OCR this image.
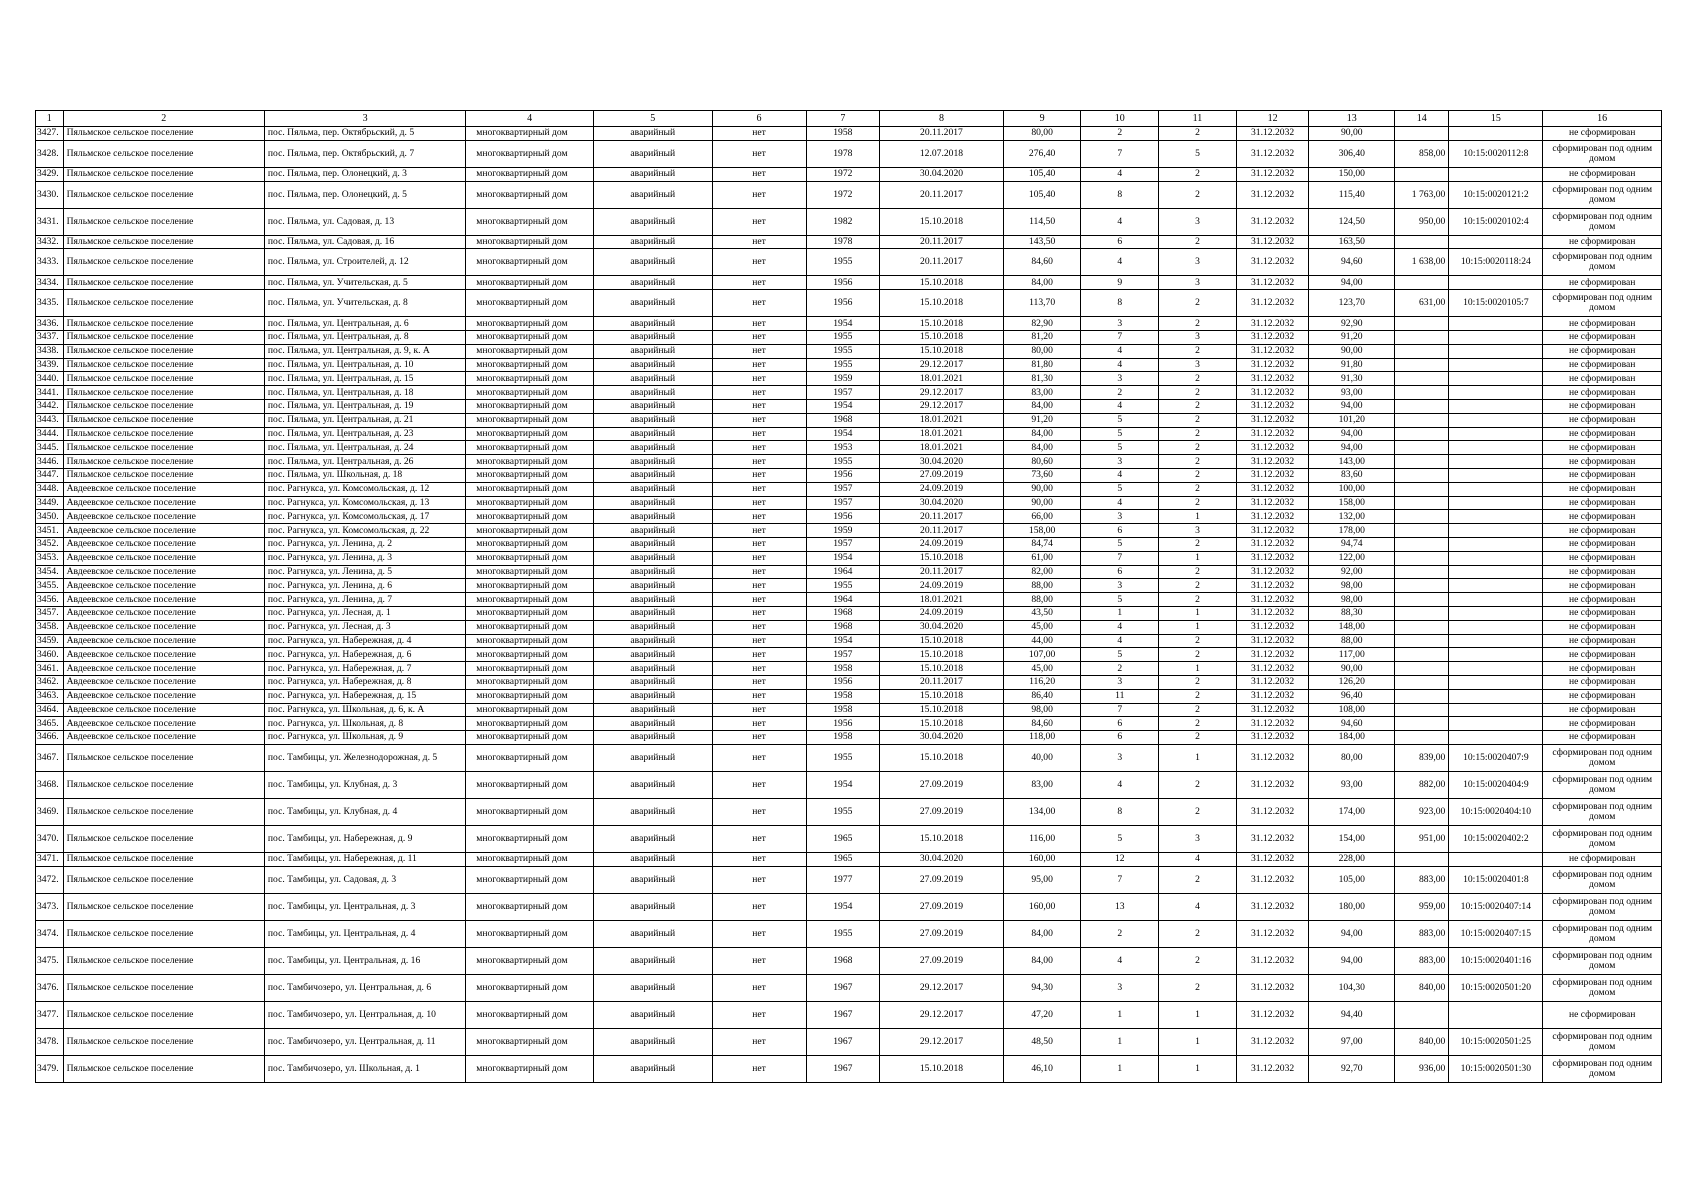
1	2	3	4	5	6	7	8	9	10	11	12	13	14	15	16
3427.	Пяльмское сельское поселение	пос. Пяльма, пер. Октябрьский, д. 5	многоквартирный дом	аварийный	нет	1958	20.11.2017	80,00	2	2	31.12.2032	90,00			не сформирован
3428.	Пяльмское сельское поселение	пос. Пяльма, пер. Октябрьский, д. 7	многоквартирный дом	аварийный	нет	1978	12.07.2018	276,40	7	5	31.12.2032	306,40	858,00	10:15:0020112:8	сформирован под одним домом
3429.	Пяльмское сельское поселение	пос. Пяльма, пер. Олонецкий, д. 3	многоквартирный дом	аварийный	нет	1972	30.04.2020	105,40	4	2	31.12.2032	150,00			не сформирован
3430.	Пяльмское сельское поселение	пос. Пяльма, пер. Олонецкий, д. 5	многоквартирный дом	аварийный	нет	1972	20.11.2017	105,40	8	2	31.12.2032	115,40	1 763,00	10:15:0020121:2	сформирован под одним домом
3431.	Пяльмское сельское поселение	пос. Пяльма, ул. Садовая, д. 13	многоквартирный дом	аварийный	нет	1982	15.10.2018	114,50	4	3	31.12.2032	124,50	950,00	10:15:0020102:4	сформирован под одним домом
3432.	Пяльмское сельское поселение	пос. Пяльма, ул. Садовая, д. 16	многоквартирный дом	аварийный	нет	1978	20.11.2017	143,50	6	2	31.12.2032	163,50			не сформирован
3433.	Пяльмское сельское поселение	пос. Пяльма, ул. Строителей, д. 12	многоквартирный дом	аварийный	нет	1955	20.11.2017	84,60	4	3	31.12.2032	94,60	1 638,00	10:15:0020118:24	сформирован под одним домом
3434.	Пяльмское сельское поселение	пос. Пяльма, ул. Учительская, д. 5	многоквартирный дом	аварийный	нет	1956	15.10.2018	84,00	9	3	31.12.2032	94,00			не сформирован
3435.	Пяльмское сельское поселение	пос. Пяльма, ул. Учительская, д. 8	многоквартирный дом	аварийный	нет	1956	15.10.2018	113,70	8	2	31.12.2032	123,70	631,00	10:15:0020105:7	сформирован под одним домом
3436.	Пяльмское сельское поселение	пос. Пяльма, ул. Центральная, д. 6	многоквартирный дом	аварийный	нет	1954	15.10.2018	82,90	3	2	31.12.2032	92,90			не сформирован
3437.	Пяльмское сельское поселение	пос. Пяльма, ул. Центральная, д. 8	многоквартирный дом	аварийный	нет	1955	15.10.2018	81,20	7	3	31.12.2032	91,20			не сформирован
3438.	Пяльмское сельское поселение	пос. Пяльма, ул. Центральная, д. 9, к. А	многоквартирный дом	аварийный	нет	1955	15.10.2018	80,00	4	2	31.12.2032	90,00			не сформирован
3439.	Пяльмское сельское поселение	пос. Пяльма, ул. Центральная, д. 10	многоквартирный дом	аварийный	нет	1955	29.12.2017	81,80	4	3	31.12.2032	91,80			не сформирован
3440.	Пяльмское сельское поселение	пос. Пяльма, ул. Центральная, д. 15	многоквартирный дом	аварийный	нет	1959	18.01.2021	81,30	3	2	31.12.2032	91,30			не сформирован
3441.	Пяльмское сельское поселение	пос. Пяльма, ул. Центральная, д. 18	многоквартирный дом	аварийный	нет	1957	29.12.2017	83,00	2	2	31.12.2032	93,00			не сформирован
3442.	Пяльмское сельское поселение	пос. Пяльма, ул. Центральная, д. 19	многоквартирный дом	аварийный	нет	1954	29.12.2017	84,00	4	2	31.12.2032	94,00			не сформирован
3443.	Пяльмское сельское поселение	пос. Пяльма, ул. Центральная, д. 21	многоквартирный дом	аварийный	нет	1968	18.01.2021	91,20	5	2	31.12.2032	101,20			не сформирован
3444.	Пяльмское сельское поселение	пос. Пяльма, ул. Центральная, д. 23	многоквартирный дом	аварийный	нет	1954	18.01.2021	84,00	5	2	31.12.2032	94,00			не сформирован
3445.	Пяльмское сельское поселение	пос. Пяльма, ул. Центральная, д. 24	многоквартирный дом	аварийный	нет	1953	18.01.2021	84,00	5	2	31.12.2032	94,00			не сформирован
3446.	Пяльмское сельское поселение	пос. Пяльма, ул. Центральная, д. 26	многоквартирный дом	аварийный	нет	1955	30.04.2020	80,60	3	2	31.12.2032	143,00			не сформирован
3447.	Пяльмское сельское поселение	пос. Пяльма, ул. Школьная, д. 18	многоквартирный дом	аварийный	нет	1956	27.09.2019	73,60	4	2	31.12.2032	83,60			не сформирован
3448.	Авдеевское сельское поселение	пос. Рагнукса, ул. Комсомольская, д. 12	многоквартирный дом	аварийный	нет	1957	24.09.2019	90,00	5	2	31.12.2032	100,00			не сформирован
3449.	Авдеевское сельское поселение	пос. Рагнукса, ул. Комсомольская, д. 13	многоквартирный дом	аварийный	нет	1957	30.04.2020	90,00	4	2	31.12.2032	158,00			не сформирован
3450.	Авдеевское сельское поселение	пос. Рагнукса, ул. Комсомольская, д. 17	многоквартирный дом	аварийный	нет	1956	20.11.2017	66,00	3	1	31.12.2032	132,00			не сформирован
3451.	Авдеевское сельское поселение	пос. Рагнукса, ул. Комсомольская, д. 22	многоквартирный дом	аварийный	нет	1959	20.11.2017	158,00	6	3	31.12.2032	178,00			не сформирован
3452.	Авдеевское сельское поселение	пос. Рагнукса, ул. Ленина, д. 2	многоквартирный дом	аварийный	нет	1957	24.09.2019	84,74	5	2	31.12.2032	94,74			не сформирован
3453.	Авдеевское сельское поселение	пос. Рагнукса, ул. Ленина, д. 3	многоквартирный дом	аварийный	нет	1954	15.10.2018	61,00	7	1	31.12.2032	122,00			не сформирован
3454.	Авдеевское сельское поселение	пос. Рагнукса, ул. Ленина, д. 5	многоквартирный дом	аварийный	нет	1964	20.11.2017	82,00	6	2	31.12.2032	92,00			не сформирован
3455.	Авдеевское сельское поселение	пос. Рагнукса, ул. Ленина, д. 6	многоквартирный дом	аварийный	нет	1955	24.09.2019	88,00	3	2	31.12.2032	98,00			не сформирован
3456.	Авдеевское сельское поселение	пос. Рагнукса, ул. Ленина, д. 7	многоквартирный дом	аварийный	нет	1964	18.01.2021	88,00	5	2	31.12.2032	98,00			не сформирован
3457.	Авдеевское сельское поселение	пос. Рагнукса, ул. Лесная, д. 1	многоквартирный дом	аварийный	нет	1968	24.09.2019	43,50	1	1	31.12.2032	88,30			не сформирован
3458.	Авдеевское сельское поселение	пос. Рагнукса, ул. Лесная, д. 3	многоквартирный дом	аварийный	нет	1968	30.04.2020	45,00	4	1	31.12.2032	148,00			не сформирован
3459.	Авдеевское сельское поселение	пос. Рагнукса, ул. Набережная, д. 4	многоквартирный дом	аварийный	нет	1954	15.10.2018	44,00	4	2	31.12.2032	88,00			не сформирован
3460.	Авдеевское сельское поселение	пос. Рагнукса, ул. Набережная, д. 6	многоквартирный дом	аварийный	нет	1957	15.10.2018	107,00	5	2	31.12.2032	117,00			не сформирован
3461.	Авдеевское сельское поселение	пос. Рагнукса, ул. Набережная, д. 7	многоквартирный дом	аварийный	нет	1958	15.10.2018	45,00	2	1	31.12.2032	90,00			не сформирован
3462.	Авдеевское сельское поселение	пос. Рагнукса, ул. Набережная, д. 8	многоквартирный дом	аварийный	нет	1956	20.11.2017	116,20	3	2	31.12.2032	126,20			не сформирован
3463.	Авдеевское сельское поселение	пос. Рагнукса, ул. Набережная, д. 15	многоквартирный дом	аварийный	нет	1958	15.10.2018	86,40	11	2	31.12.2032	96,40			не сформирован
3464.	Авдеевское сельское поселение	пос. Рагнукса, ул. Школьная, д. 6, к. А	многоквартирный дом	аварийный	нет	1958	15.10.2018	98,00	7	2	31.12.2032	108,00			не сформирован
3465.	Авдеевское сельское поселение	пос. Рагнукса, ул. Школьная, д. 8	многоквартирный дом	аварийный	нет	1956	15.10.2018	84,60	6	2	31.12.2032	94,60			не сформирован
3466.	Авдеевское сельское поселение	пос. Рагнукса, ул. Школьная, д. 9	многоквартирный дом	аварийный	нет	1958	30.04.2020	118,00	6	2	31.12.2032	184,00			не сформирован
3467.	Пяльмское сельское поселение	пос. Тамбицы, ул. Железнодорожная, д. 5	многоквартирный дом	аварийный	нет	1955	15.10.2018	40,00	3	1	31.12.2032	80,00	839,00	10:15:0020407:9	сформирован под одним домом
3468.	Пяльмское сельское поселение	пос. Тамбицы, ул. Клубная, д. 3	многоквартирный дом	аварийный	нет	1954	27.09.2019	83,00	4	2	31.12.2032	93,00	882,00	10:15:0020404:9	сформирован под одним домом
3469.	Пяльмское сельское поселение	пос. Тамбицы, ул. Клубная, д. 4	многоквартирный дом	аварийный	нет	1955	27.09.2019	134,00	8	2	31.12.2032	174,00	923,00	10:15:0020404:10	сформирован под одним домом
3470.	Пяльмское сельское поселение	пос. Тамбицы, ул. Набережная, д. 9	многоквартирный дом	аварийный	нет	1965	15.10.2018	116,00	5	3	31.12.2032	154,00	951,00	10:15:0020402:2	сформирован под одним домом
3471.	Пяльмское сельское поселение	пос. Тамбицы, ул. Набережная, д. 11	многоквартирный дом	аварийный	нет	1965	30.04.2020	160,00	12	4	31.12.2032	228,00			не сформирован
3472.	Пяльмское сельское поселение	пос. Тамбицы, ул. Садовая, д. 3	многоквартирный дом	аварийный	нет	1977	27.09.2019	95,00	7	2	31.12.2032	105,00	883,00	10:15:0020401:8	сформирован под одним домом
3473.	Пяльмское сельское поселение	пос. Тамбицы, ул. Центральная, д. 3	многоквартирный дом	аварийный	нет	1954	27.09.2019	160,00	13	4	31.12.2032	180,00	959,00	10:15:0020407:14	сформирован под одним домом
3474.	Пяльмское сельское поселение	пос. Тамбицы, ул. Центральная, д. 4	многоквартирный дом	аварийный	нет	1955	27.09.2019	84,00	2	2	31.12.2032	94,00	883,00	10:15:0020407:15	сформирован под одним домом
3475.	Пяльмское сельское поселение	пос. Тамбицы, ул. Центральная, д. 16	многоквартирный дом	аварийный	нет	1968	27.09.2019	84,00	4	2	31.12.2032	94,00	883,00	10:15:0020401:16	сформирован под одним домом
3476.	Пяльмское сельское поселение	пос. Тамбичозеро, ул. Центральная, д. 6	многоквартирный дом	аварийный	нет	1967	29.12.2017	94,30	3	2	31.12.2032	104,30	840,00	10:15:0020501:20	сформирован под одним домом
3477.	Пяльмское сельское поселение	пос. Тамбичозеро, ул. Центральная, д. 10	многоквартирный дом	аварийный	нет	1967	29.12.2017	47,20	1	1	31.12.2032	94,40			не сформирован
3478.	Пяльмское сельское поселение	пос. Тамбичозеро, ул. Центральная, д. 11	многоквартирный дом	аварийный	нет	1967	29.12.2017	48,50	1	1	31.12.2032	97,00	840,00	10:15:0020501:25	сформирован под одним домом
3479.	Пяльмское сельское поселение	пос. Тамбичозеро, ул. Школьная, д. 1	многоквартирный дом	аварийный	нет	1967	15.10.2018	46,10	1	1	31.12.2032	92,70	936,00	10:15:0020501:30	сформирован под одним домом
